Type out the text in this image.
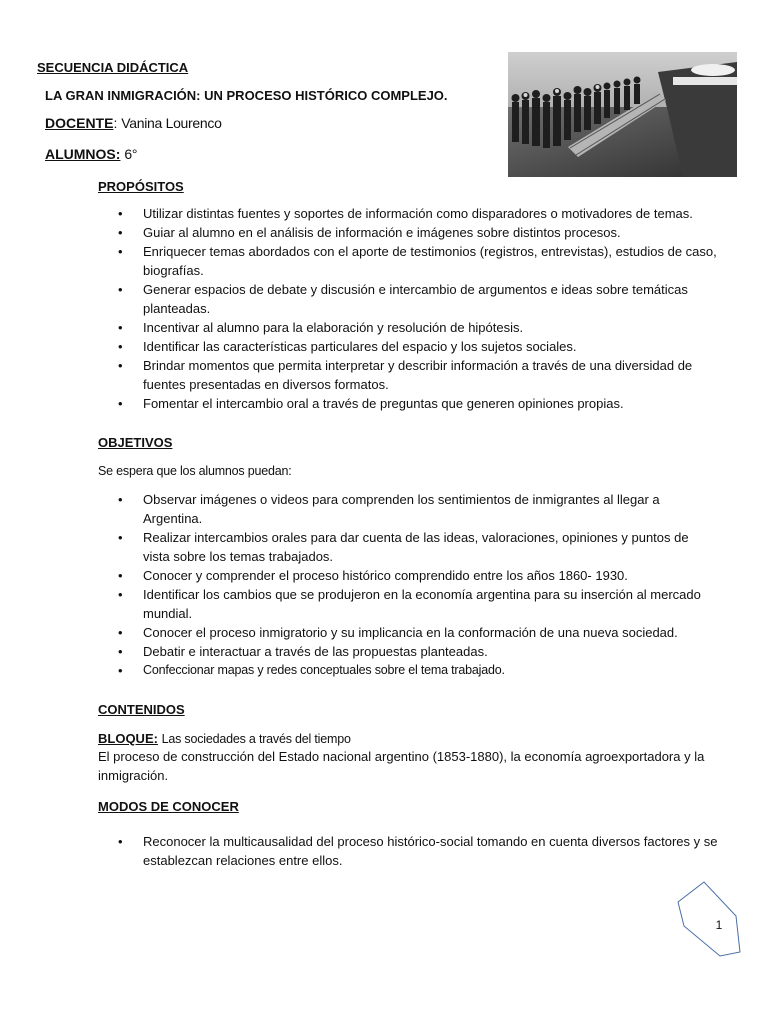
SECUENCIA DIDÁCTICA
LA GRAN INMIGRACIÓN: UN PROCESO HISTÓRICO COMPLEJO.
DOCENTE: Vanina Lourenco
ALUMNOS: 6°
PROPÓSITOS
• Utilizar distintas fuentes y soportes de información como disparadores o motivadores de temas.
• Guiar al alumno en el análisis de información e imágenes sobre distintos procesos.
• Enriquecer temas abordados con el aporte de testimonios (registros, entrevistas), estudios de caso, biografías.
• Generar espacios de debate y discusión e intercambio de argumentos e ideas sobre temáticas planteadas.
• Incentivar al alumno para la elaboración y resolución de hipótesis.
• Identificar las características particulares del espacio y los sujetos sociales.
• Brindar momentos que permita interpretar y describir información a través de una diversidad de fuentes presentadas en diversos formatos.
• Fomentar el intercambio oral a través de preguntas que generen opiniones propias.
OBJETIVOS
Se espera que los alumnos puedan:
• Observar imágenes o videos para comprenden los sentimientos de inmigrantes al llegar a Argentina.
• Realizar intercambios orales para dar cuenta de las ideas, valoraciones, opiniones y puntos de vista sobre los temas trabajados.
• Conocer y comprender el proceso histórico comprendido entre los años 1860- 1930.
• Identificar los cambios que se produjeron en la economía argentina para su inserción al mercado mundial.
• Conocer el proceso inmigratorio y su implicancia en la conformación de una nueva sociedad.
• Debatir e interactuar a través de las propuestas planteadas.
• Confeccionar mapas y redes conceptuales sobre el tema trabajado.
CONTENIDOS
BLOQUE: Las sociedades a través del tiempo
El proceso de construcción del Estado nacional argentino (1853-1880), la economía agroexportadora y la inmigración.
MODOS DE CONOCER
• Reconocer la multicausalidad del proceso histórico-social tomando en cuenta diversos factores y se establezcan relaciones entre ellos.
1
